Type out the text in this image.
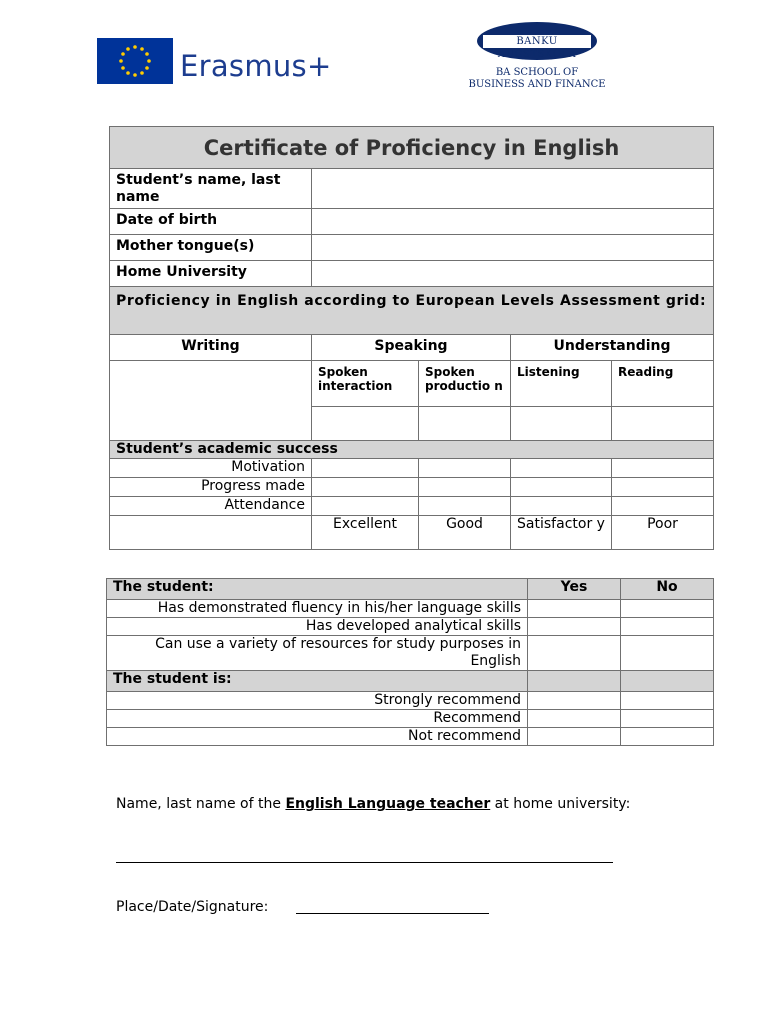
Erasmus+
BANKU AUGSTSKOLA
BA SCHOOL OF
BUSINESS AND FINANCE
Certificate of Proficiency in English				
Student’s name, last name				
Date of birth				
Mother tongue(s)				
Home University				
Proficiency in English according to European Levels Assessment grid:				
Writing	Speaking		Understanding	
	Spoken interaction	Spoken productio n	Listening	Reading

Student’s academic success				
Motivation				
Progress made				
Attendance				
	Excellent	Good	Satisfactor y	Poor
The student:	Yes	No
Has demonstrated fluency in his/her language skills		
Has developed analytical skills		
Can use a variety of resources for study purposes in English		
The student is:		
Strongly recommend		
Recommend		
Not recommend		
Name, last name of the English Language teacher at home university:
Place/Date/Signature:
